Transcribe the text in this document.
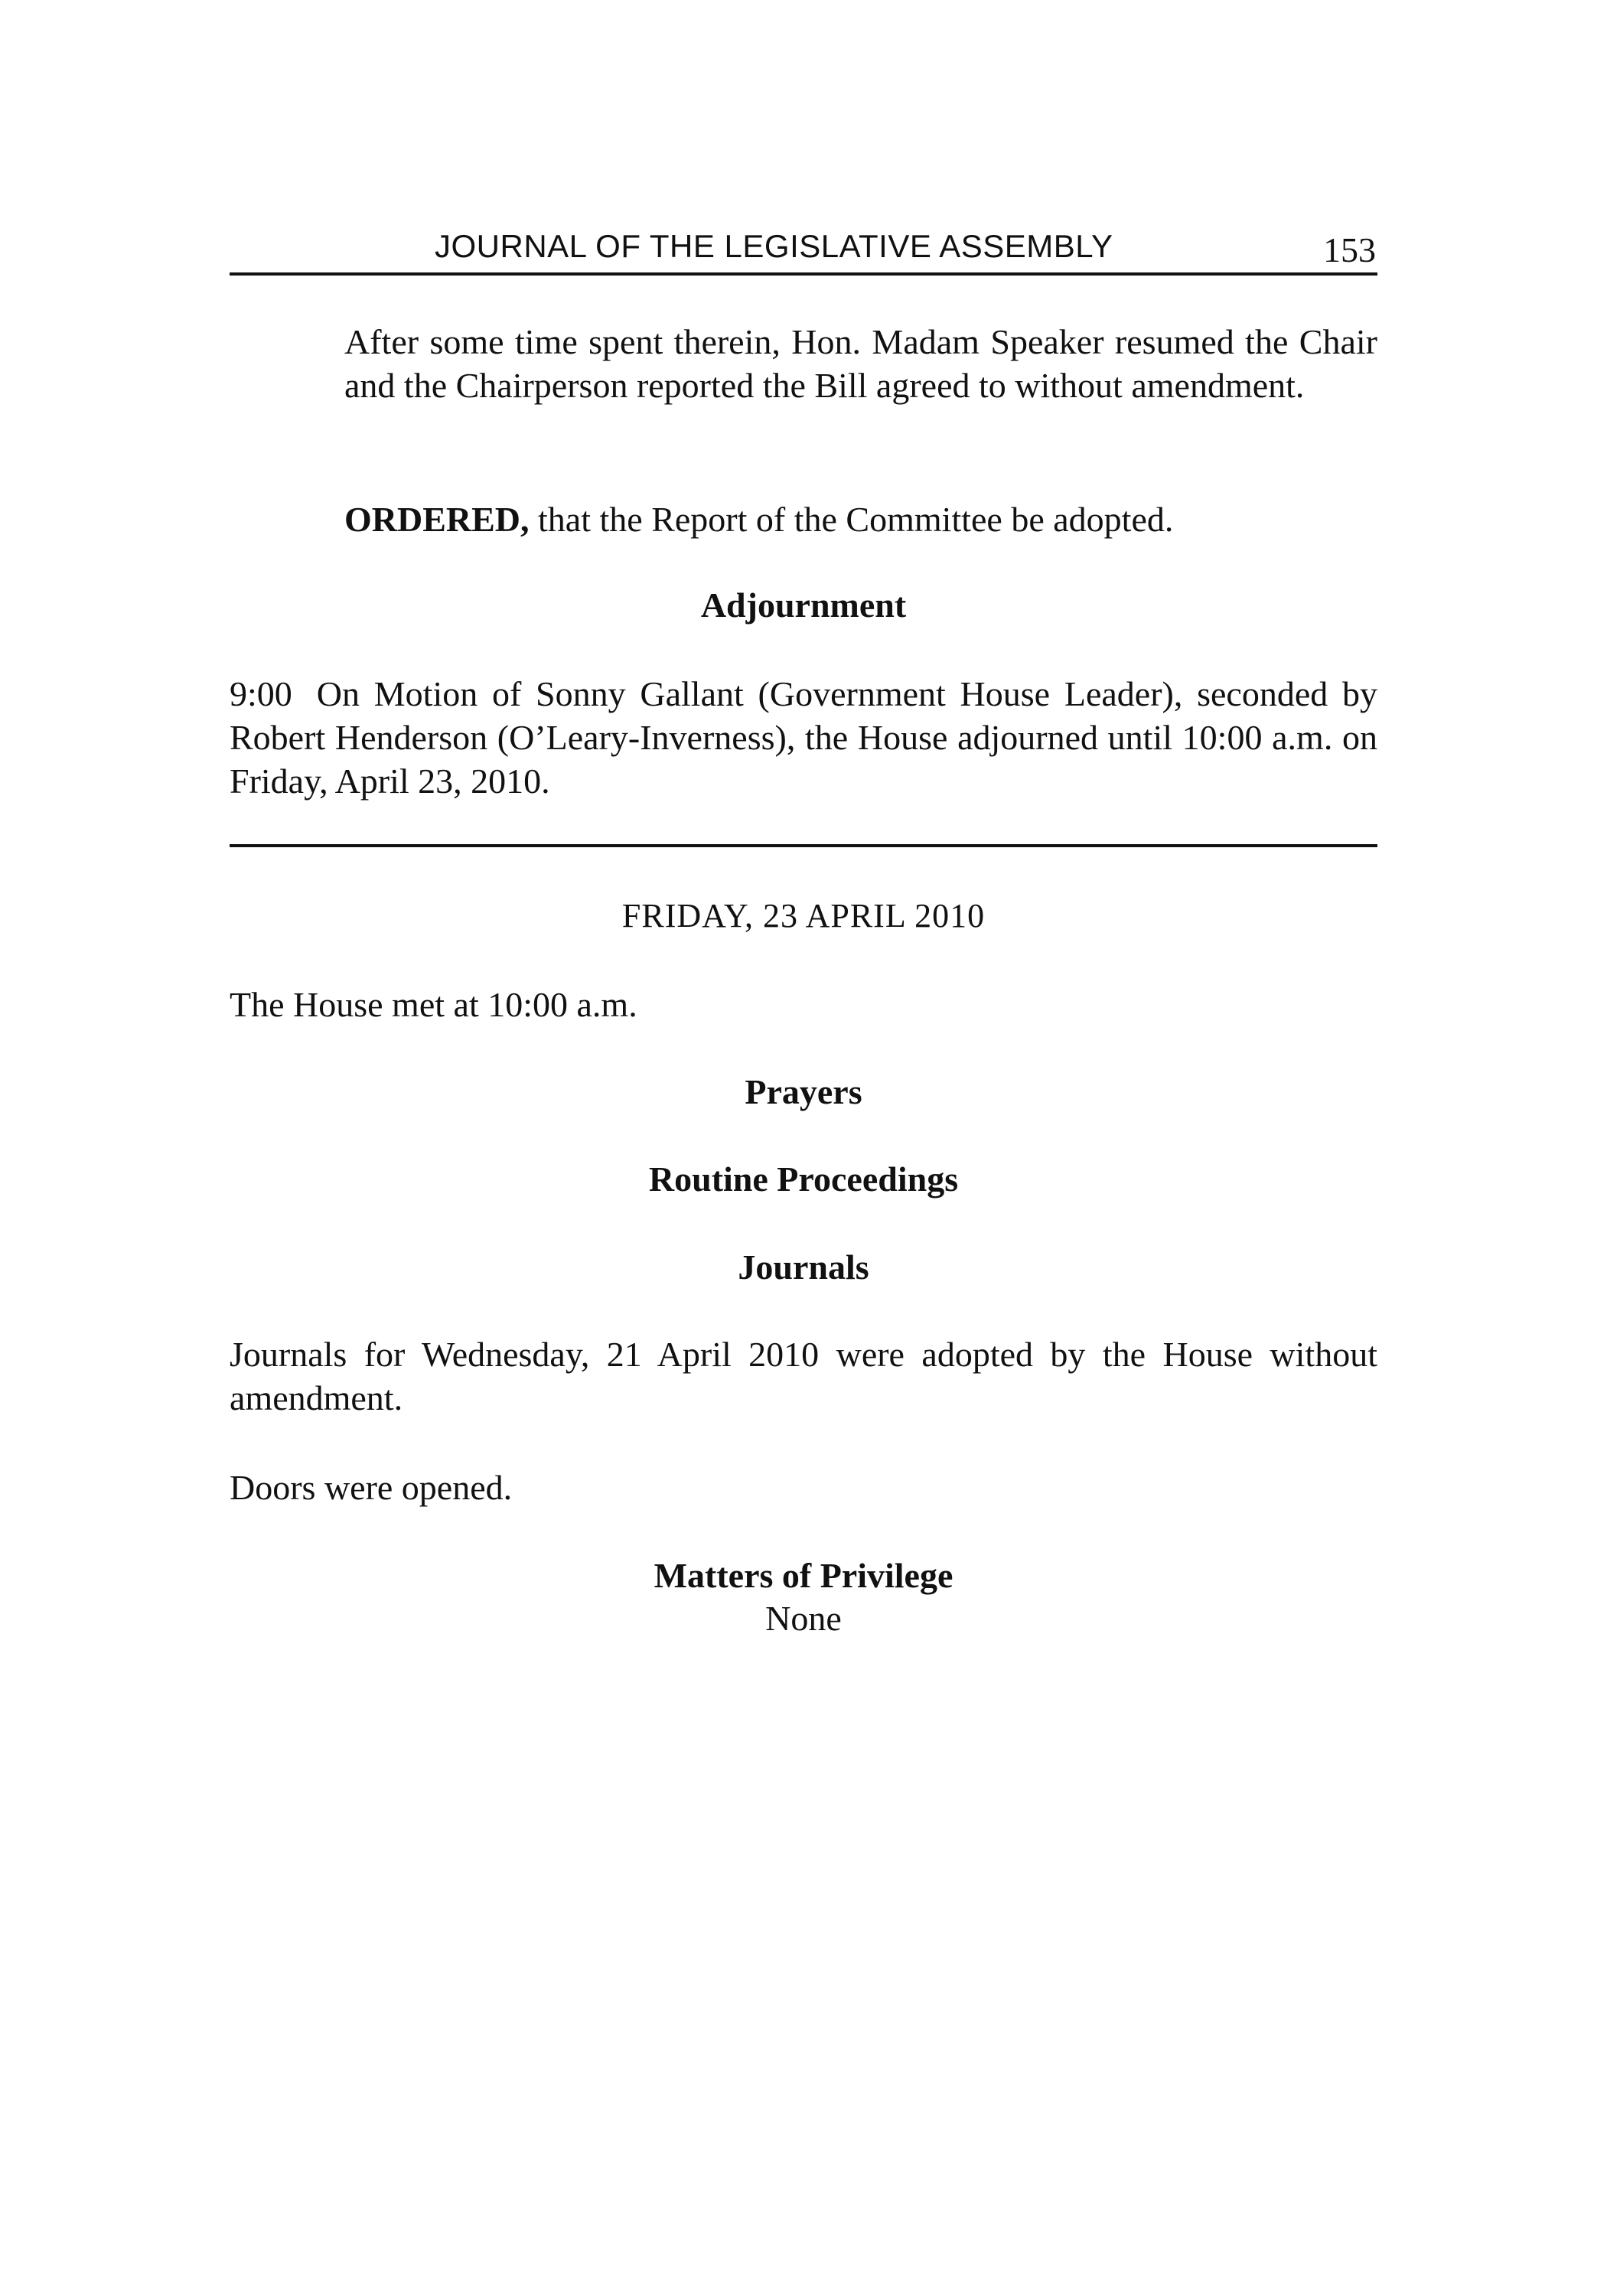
JOURNAL OF THE LEGISLATIVE ASSEMBLY	153

After some time spent therein, Hon. Madam Speaker resumed the Chair and the Chairperson reported the Bill agreed to without amendment.

ORDERED, that the Report of the Committee be adopted.

Adjournment

9:00 On Motion of Sonny Gallant (Government House Leader), seconded by Robert Henderson (O’Leary-Inverness), the House adjourned until 10:00 a.m. on Friday, April 23, 2010.

FRIDAY, 23 APRIL 2010

The House met at 10:00 a.m.

Prayers
Routine Proceedings
Journals

Journals for Wednesday, 21 April 2010 were adopted by the House without amendment.

Doors were opened.

Matters of Privilege

None
